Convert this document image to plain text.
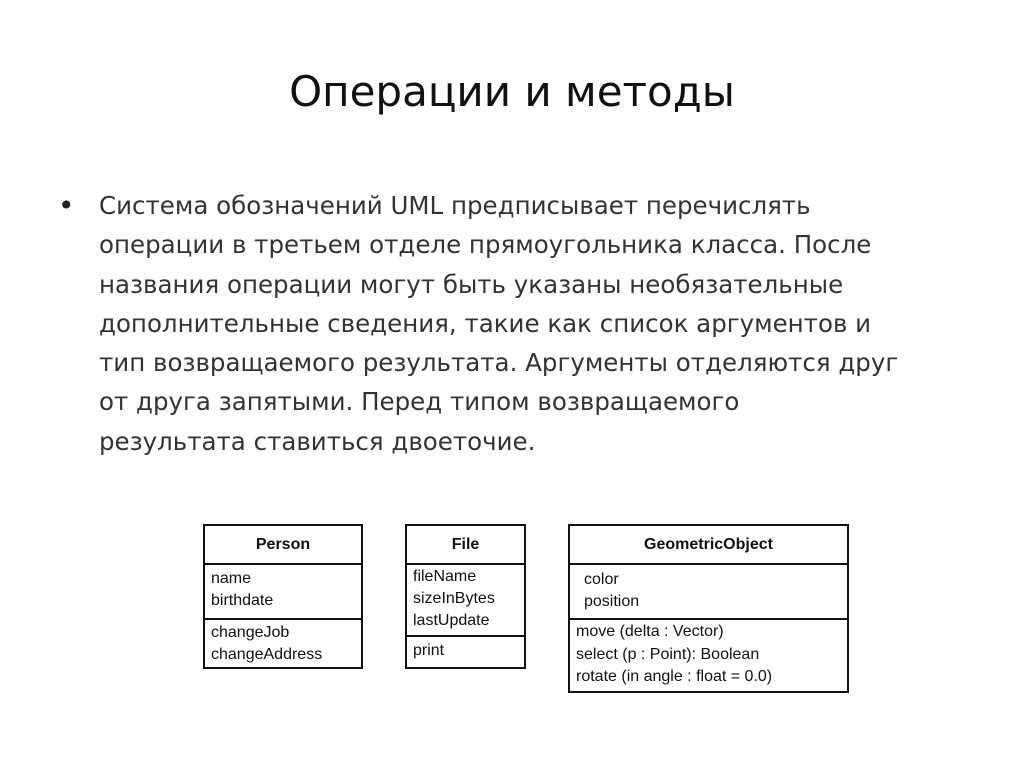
Операции и методы
• Система обозначений UML предписывает перечислять
операции в третьем отделе прямоугольника класса. После
названия операции могут быть указаны необязательные
дополнительные сведения, такие как список аргументов и
тип возвращаемого результата. Аргументы отделяются друг
от друга запятыми. Перед типом возвращаемого
результата ставиться двоеточие.
Person
name
birthdate
changeJob
changeAddress
File
fileName
sizeInBytes
lastUpdate
print
GeometricObject
color
position
move (delta : Vector)
select (p : Point): Boolean
rotate (in angle : float = 0.0)
